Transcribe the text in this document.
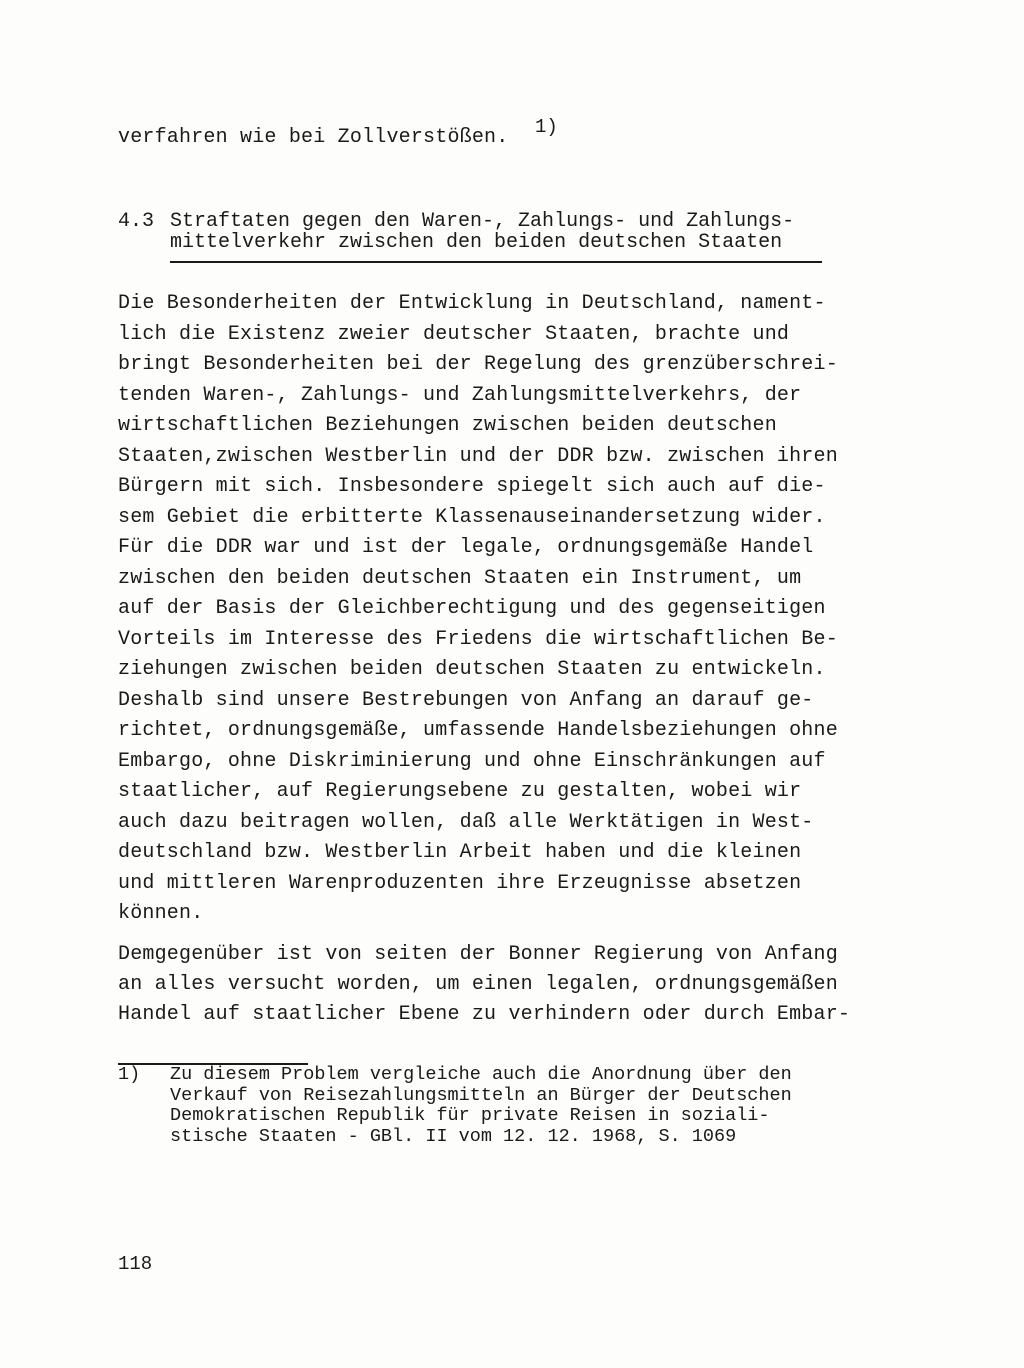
verfahren wie bei Zollverstößen. 1)

4.3 Straftaten gegen den Waren-, Zahlungs- und Zahlungs-

mittelverkehr zwischen den beiden deutschen Staaten

Die Besonderheiten der Entwicklung in Deutschland, nament-

lich die Existenz zweier deutscher Staaten, brachte und

bringt Besonderheiten bei der Regelung des grenzüberschrei-

tenden Waren-, Zahlungs- und Zahlungsmittelverkehrs, der

wirtschaftlichen Beziehungen zwischen beiden deutschen

Staaten,zwischen Westberlin und der DDR bzw. zwischen ihren

Bürgern mit sich. Insbesondere spiegelt sich auch auf die-

sem Gebiet die erbitterte Klassenauseinandersetzung wider.

Für die DDR war und ist der legale, ordnungsgemäße Handel

zwischen den beiden deutschen Staaten ein Instrument, um

auf der Basis der Gleichberechtigung und des gegenseitigen

Vorteils im Interesse des Friedens die wirtschaftlichen Be-

ziehungen zwischen beiden deutschen Staaten zu entwickeln.

Deshalb sind unsere Bestrebungen von Anfang an darauf ge-

richtet, ordnungsgemäße, umfassende Handelsbeziehungen ohne

Embargo, ohne Diskriminierung und ohne Einschränkungen auf

staatlicher, auf Regierungsebene zu gestalten, wobei wir

auch dazu beitragen wollen, daß alle Werktätigen in West-

deutschland bzw. Westberlin Arbeit haben und die kleinen

und mittleren Warenproduzenten ihre Erzeugnisse absetzen

können.

Demgegenüber ist von seiten der Bonner Regierung von Anfang

an alles versucht worden, um einen legalen, ordnungsgemäßen

Handel auf staatlicher Ebene zu verhindern oder durch Embar-

1) Zu diesem Problem vergleiche auch die Anordnung über den

Verkauf von Reisezahlungsmitteln an Bürger der Deutschen

Demokratischen Republik für private Reisen in soziali-

stische Staaten - GBl. II vom 12. 12. 1968, S. 1069

118
